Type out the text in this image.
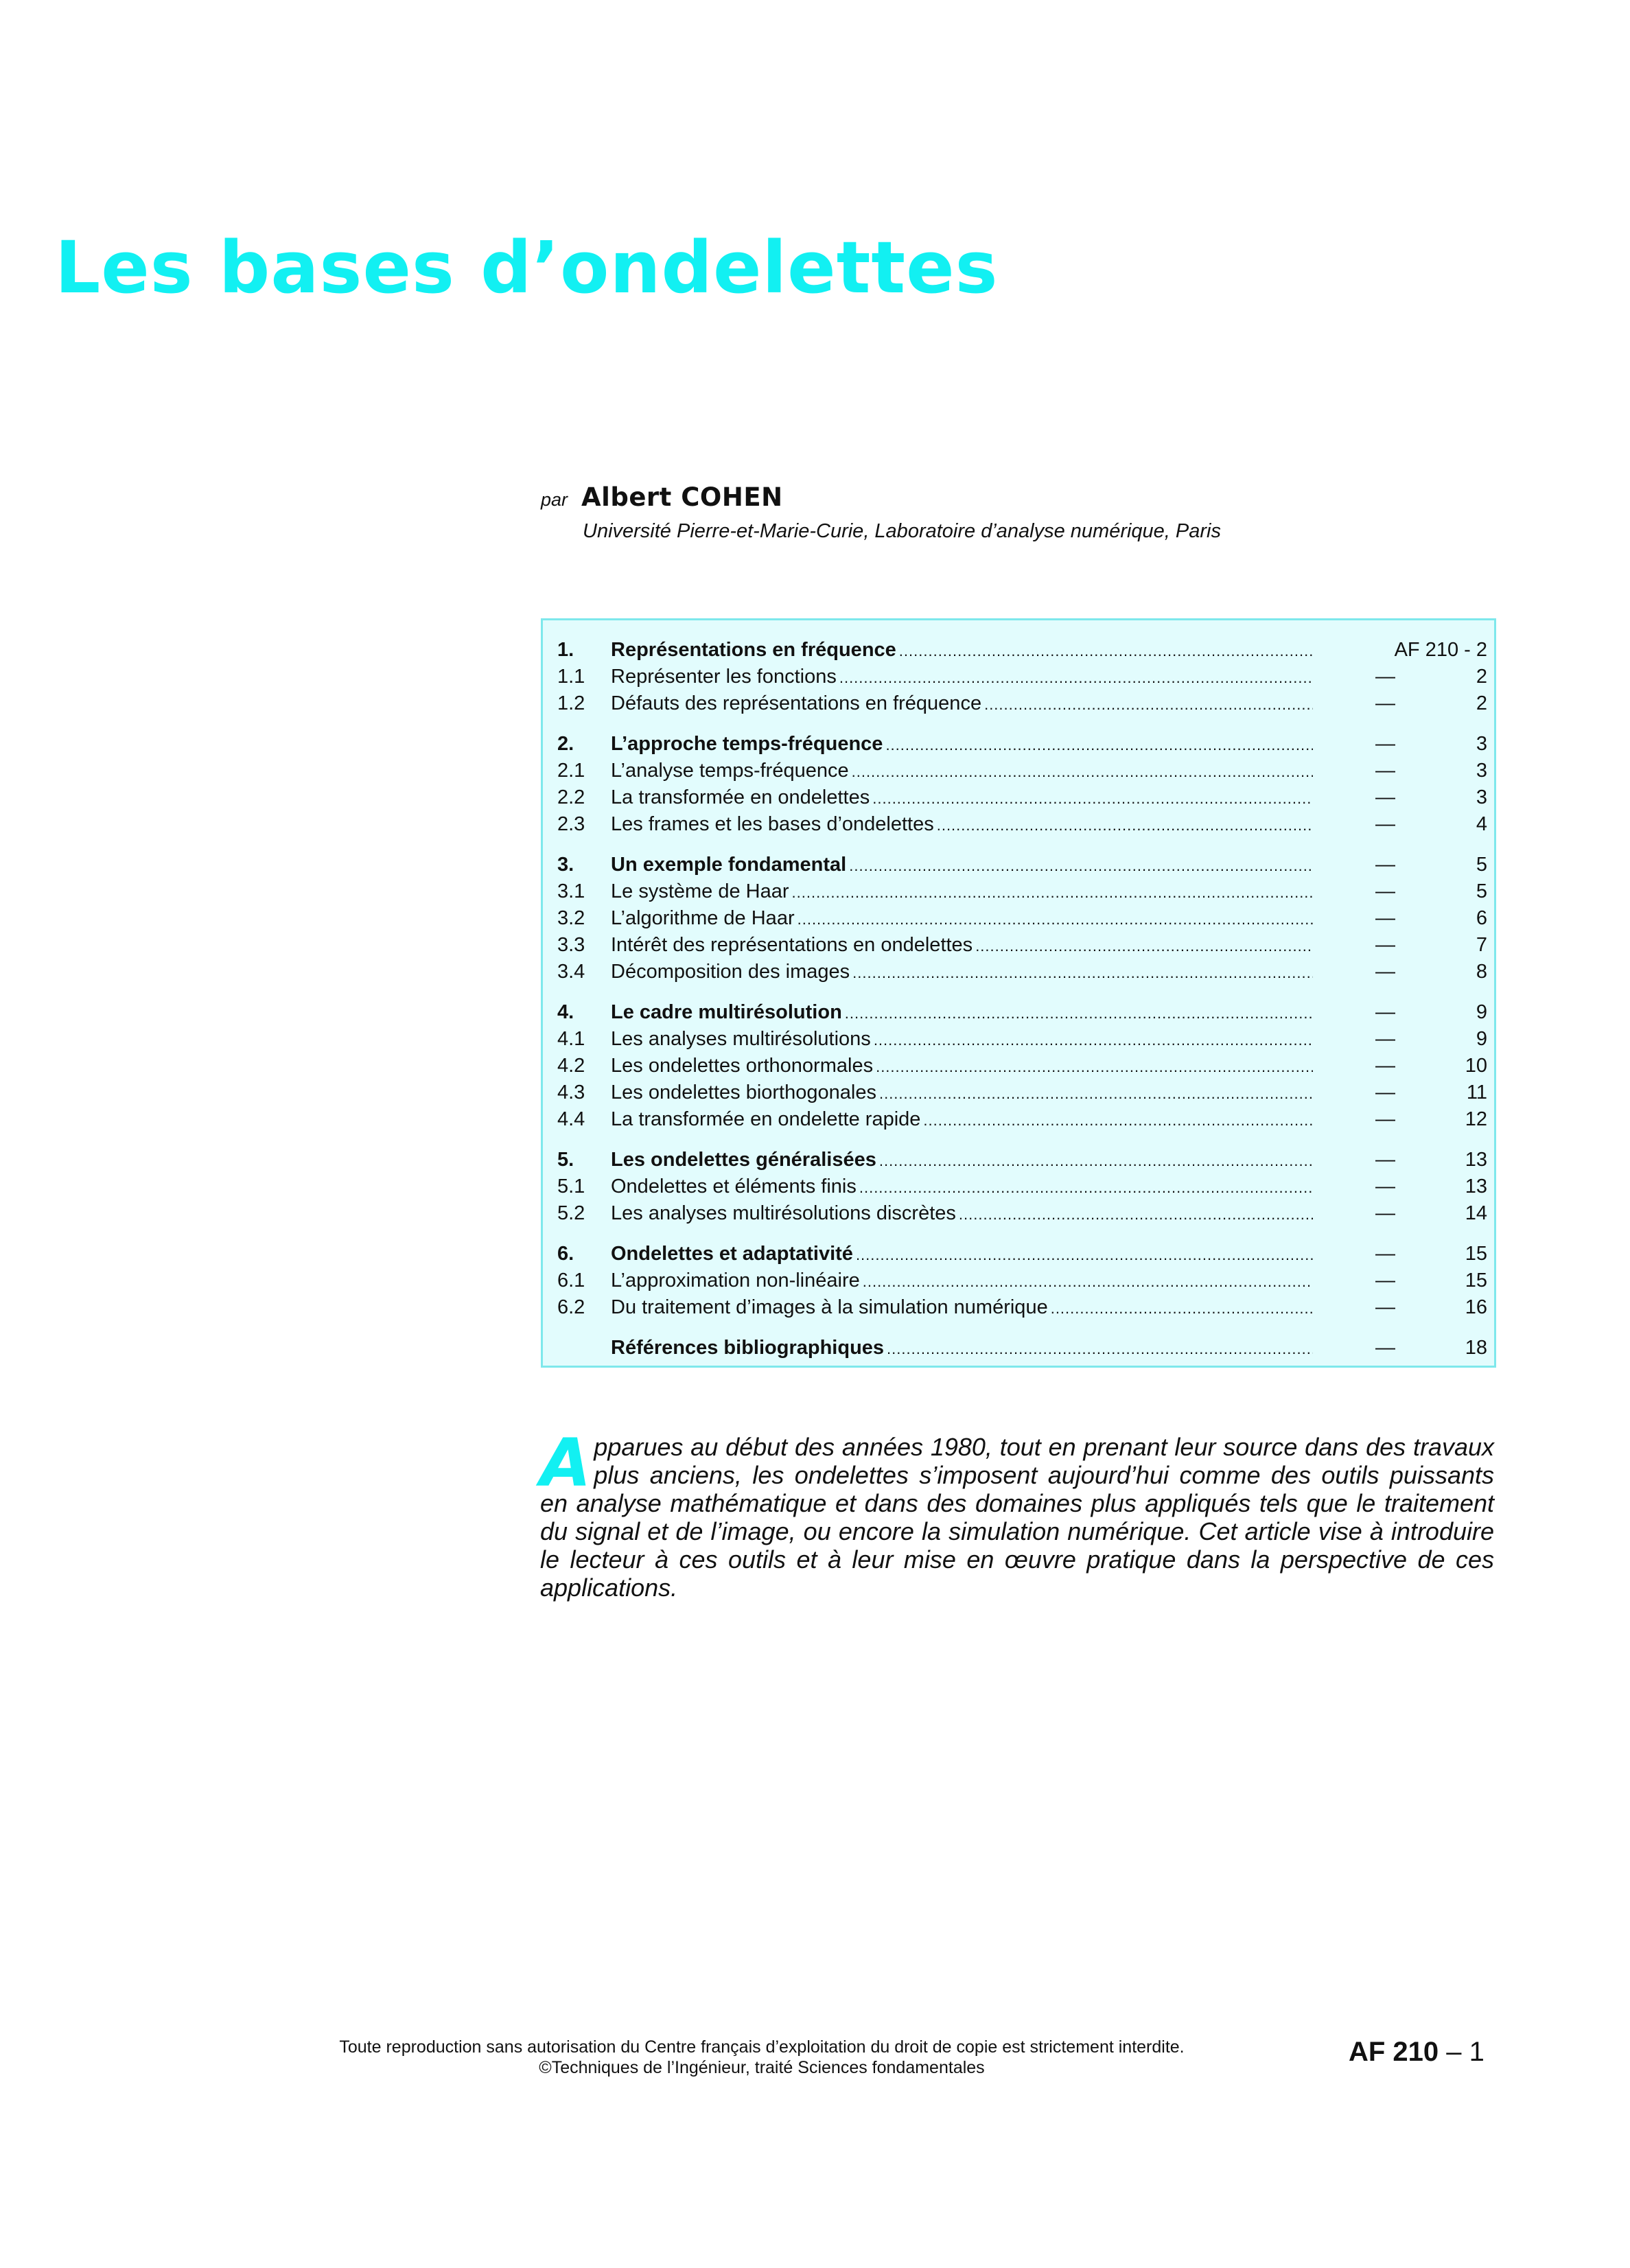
Les bases d’ondelettes
par Albert COHEN
Université Pierre-et-Marie-Curie, Laboratoire d’analyse numérique, Paris
1.	Représentations en fréquence .....	AF 210 - 2
1.1	Représenter les fonctions .....	—	2
1.2	Défauts des représentations en fréquence .....	—	2
2.	L’approche temps-fréquence .....	—	3
2.1	L’analyse temps-fréquence .....	—	3
2.2	La transformée en ondelettes .....	—	3
2.3	Les frames et les bases d’ondelettes .....	—	4
3.	Un exemple fondamental .....	—	5
3.1	Le système de Haar .....	—	5
3.2	L’algorithme de Haar .....	—	6
3.3	Intérêt des représentations en ondelettes .....	—	7
3.4	Décomposition des images .....	—	8
4.	Le cadre multirésolution .....	—	9
4.1	Les analyses multirésolutions .....	—	9
4.2	Les ondelettes orthonormales .....	—	10
4.3	Les ondelettes biorthogonales .....	—	11
4.4	La transformée en ondelette rapide .....	—	12
5.	Les ondelettes généralisées .....	—	13
5.1	Ondelettes et éléments finis .....	—	13
5.2	Les analyses multirésolutions discrètes .....	—	14
6.	Ondelettes et adaptativité .....	—	15
6.1	L’approximation non-linéaire .....	—	15
6.2	Du traitement d’images à la simulation numérique .....	—	16
Références bibliographiques .....	—	18

Apparues au début des années 1980, tout en prenant leur source dans des travaux plus anciens, les ondelettes s’imposent aujourd’hui comme des outils puissants en analyse mathématique et dans des domaines plus appliqués tels que le traitement du signal et de l’image, ou encore la simulation numérique. Cet article vise à introduire le lecteur à ces outils et à leur mise en œuvre pratique dans la perspective de ces applications.

Toute reproduction sans autorisation du Centre français d’exploitation du droit de copie est strictement interdite.
©Techniques de l’Ingénieur, traité Sciences fondamentales
AF 210 – 1
